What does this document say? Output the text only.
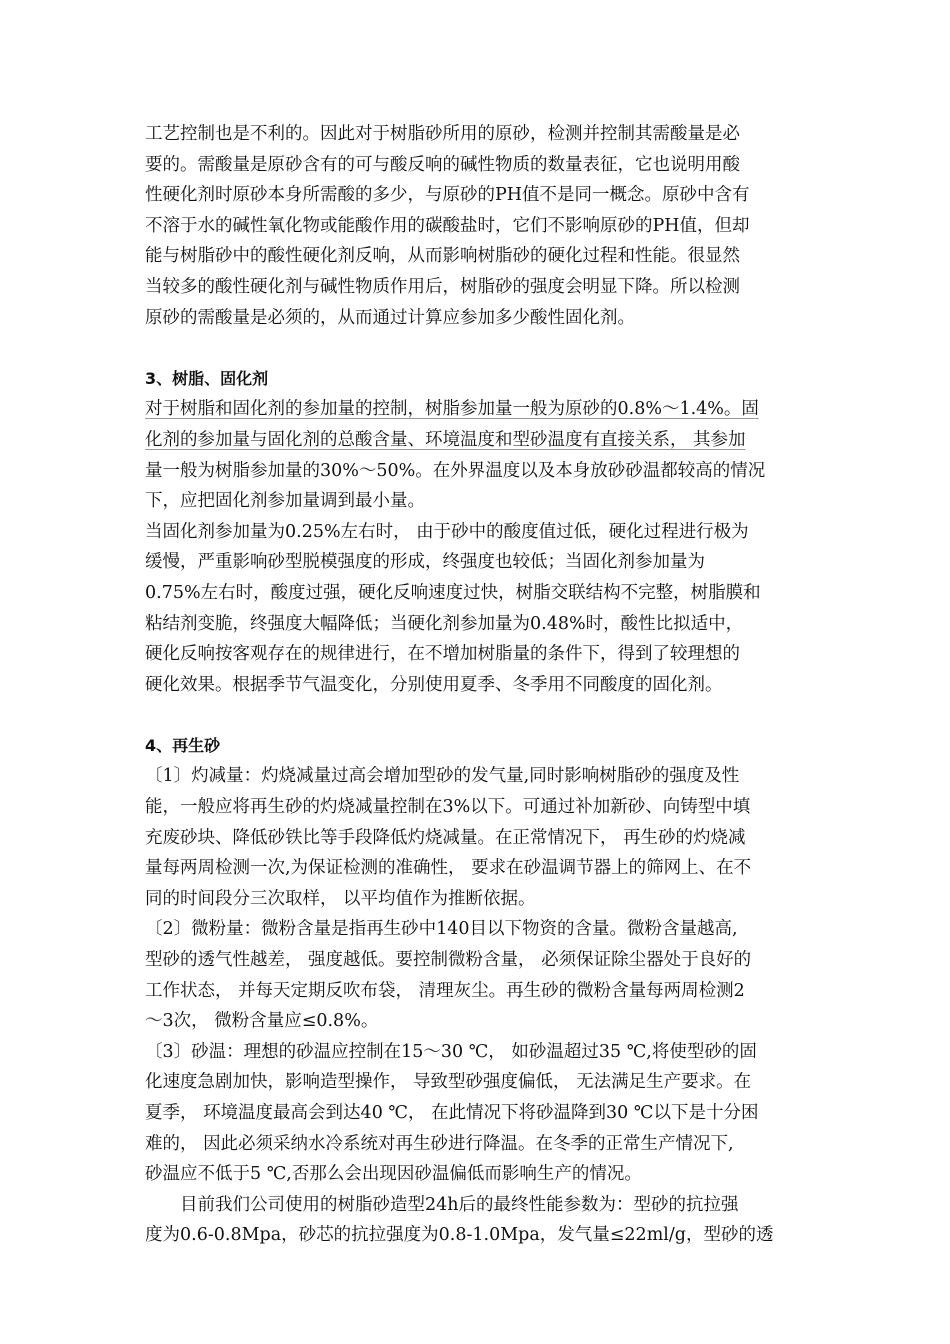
工艺控制也是不利的。因此对于树脂砂所用的原砂，检测并控制其需酸量是必
要的。需酸量是原砂含有的可与酸反响的碱性物质的数量表征，它也说明用酸
性硬化剂时原砂本身所需酸的多少，与原砂的PH值不是同一概念。原砂中含有
不溶于水的碱性氧化物或能酸作用的碳酸盐时，它们不影响原砂的PH值，但却
能与树脂砂中的酸性硬化剂反响，从而影响树脂砂的硬化过程和性能。很显然
当较多的酸性硬化剂与碱性物质作用后，树脂砂的强度会明显下降。所以检测
原砂的需酸量是必须的，从而通过计算应参加多少酸性固化剂。
3、树脂、固化剂
对于树脂和固化剂的参加量的控制，树脂参加量一般为原砂的0.8%～1.4%。固
化剂的参加量与固化剂的总酸含量、环境温度和型砂温度有直接关系， 其参加
量一般为树脂参加量的30%～50%。在外界温度以及本身放砂砂温都较高的情况
下，应把固化剂参加量调到最小量。
当固化剂参加量为0.25%左右时， 由于砂中的酸度值过低，硬化过程进行极为
缓慢，严重影响砂型脱模强度的形成，终强度也较低；当固化剂参加量为
0.75%左右时，酸度过强，硬化反响速度过快，树脂交联结构不完整，树脂膜和
粘结剂变脆，终强度大幅降低；当硬化剂参加量为0.48%时，酸性比拟适中，
硬化反响按客观存在的规律进行，在不增加树脂量的条件下，得到了较理想的
硬化效果。根据季节气温变化，分别使用夏季、冬季用不同酸度的固化剂。
4、再生砂
〔1〕灼减量：灼烧减量过高会增加型砂的发气量,同时影响树脂砂的强度及性
能，一般应将再生砂的灼烧减量控制在3%以下。可通过补加新砂、向铸型中填
充废砂块、降低砂铁比等手段降低灼烧减量。在正常情况下， 再生砂的灼烧减
量每两周检测一次,为保证检测的准确性， 要求在砂温调节器上的筛网上、在不
同的时间段分三次取样， 以平均值作为推断依据。
〔2〕微粉量：微粉含量是指再生砂中140目以下物资的含量。微粉含量越高,
型砂的透气性越差， 强度越低。要控制微粉含量， 必须保证除尘器处于良好的
工作状态， 并每天定期反吹布袋， 清理灰尘。再生砂的微粉含量每两周检测2
～3次， 微粉含量应≤0.8%。
〔3〕砂温：理想的砂温应控制在15～30 ℃， 如砂温超过35 ℃,将使型砂的固
化速度急剧加快，影响造型操作， 导致型砂强度偏低， 无法满足生产要求。在
夏季， 环境温度最高会到达40 ℃， 在此情况下将砂温降到30 ℃以下是十分困
难的， 因此必须采纳水冷系统对再生砂进行降温。在冬季的正常生产情况下,
砂温应不低于5 ℃,否那么会出现因砂温偏低而影响生产的情况。
目前我们公司使用的树脂砂造型24h后的最终性能参数为：型砂的抗拉强
度为0.6-0.8Mpa，砂芯的抗拉强度为0.8-1.0Mpa，发气量≤22ml/g，型砂的透
